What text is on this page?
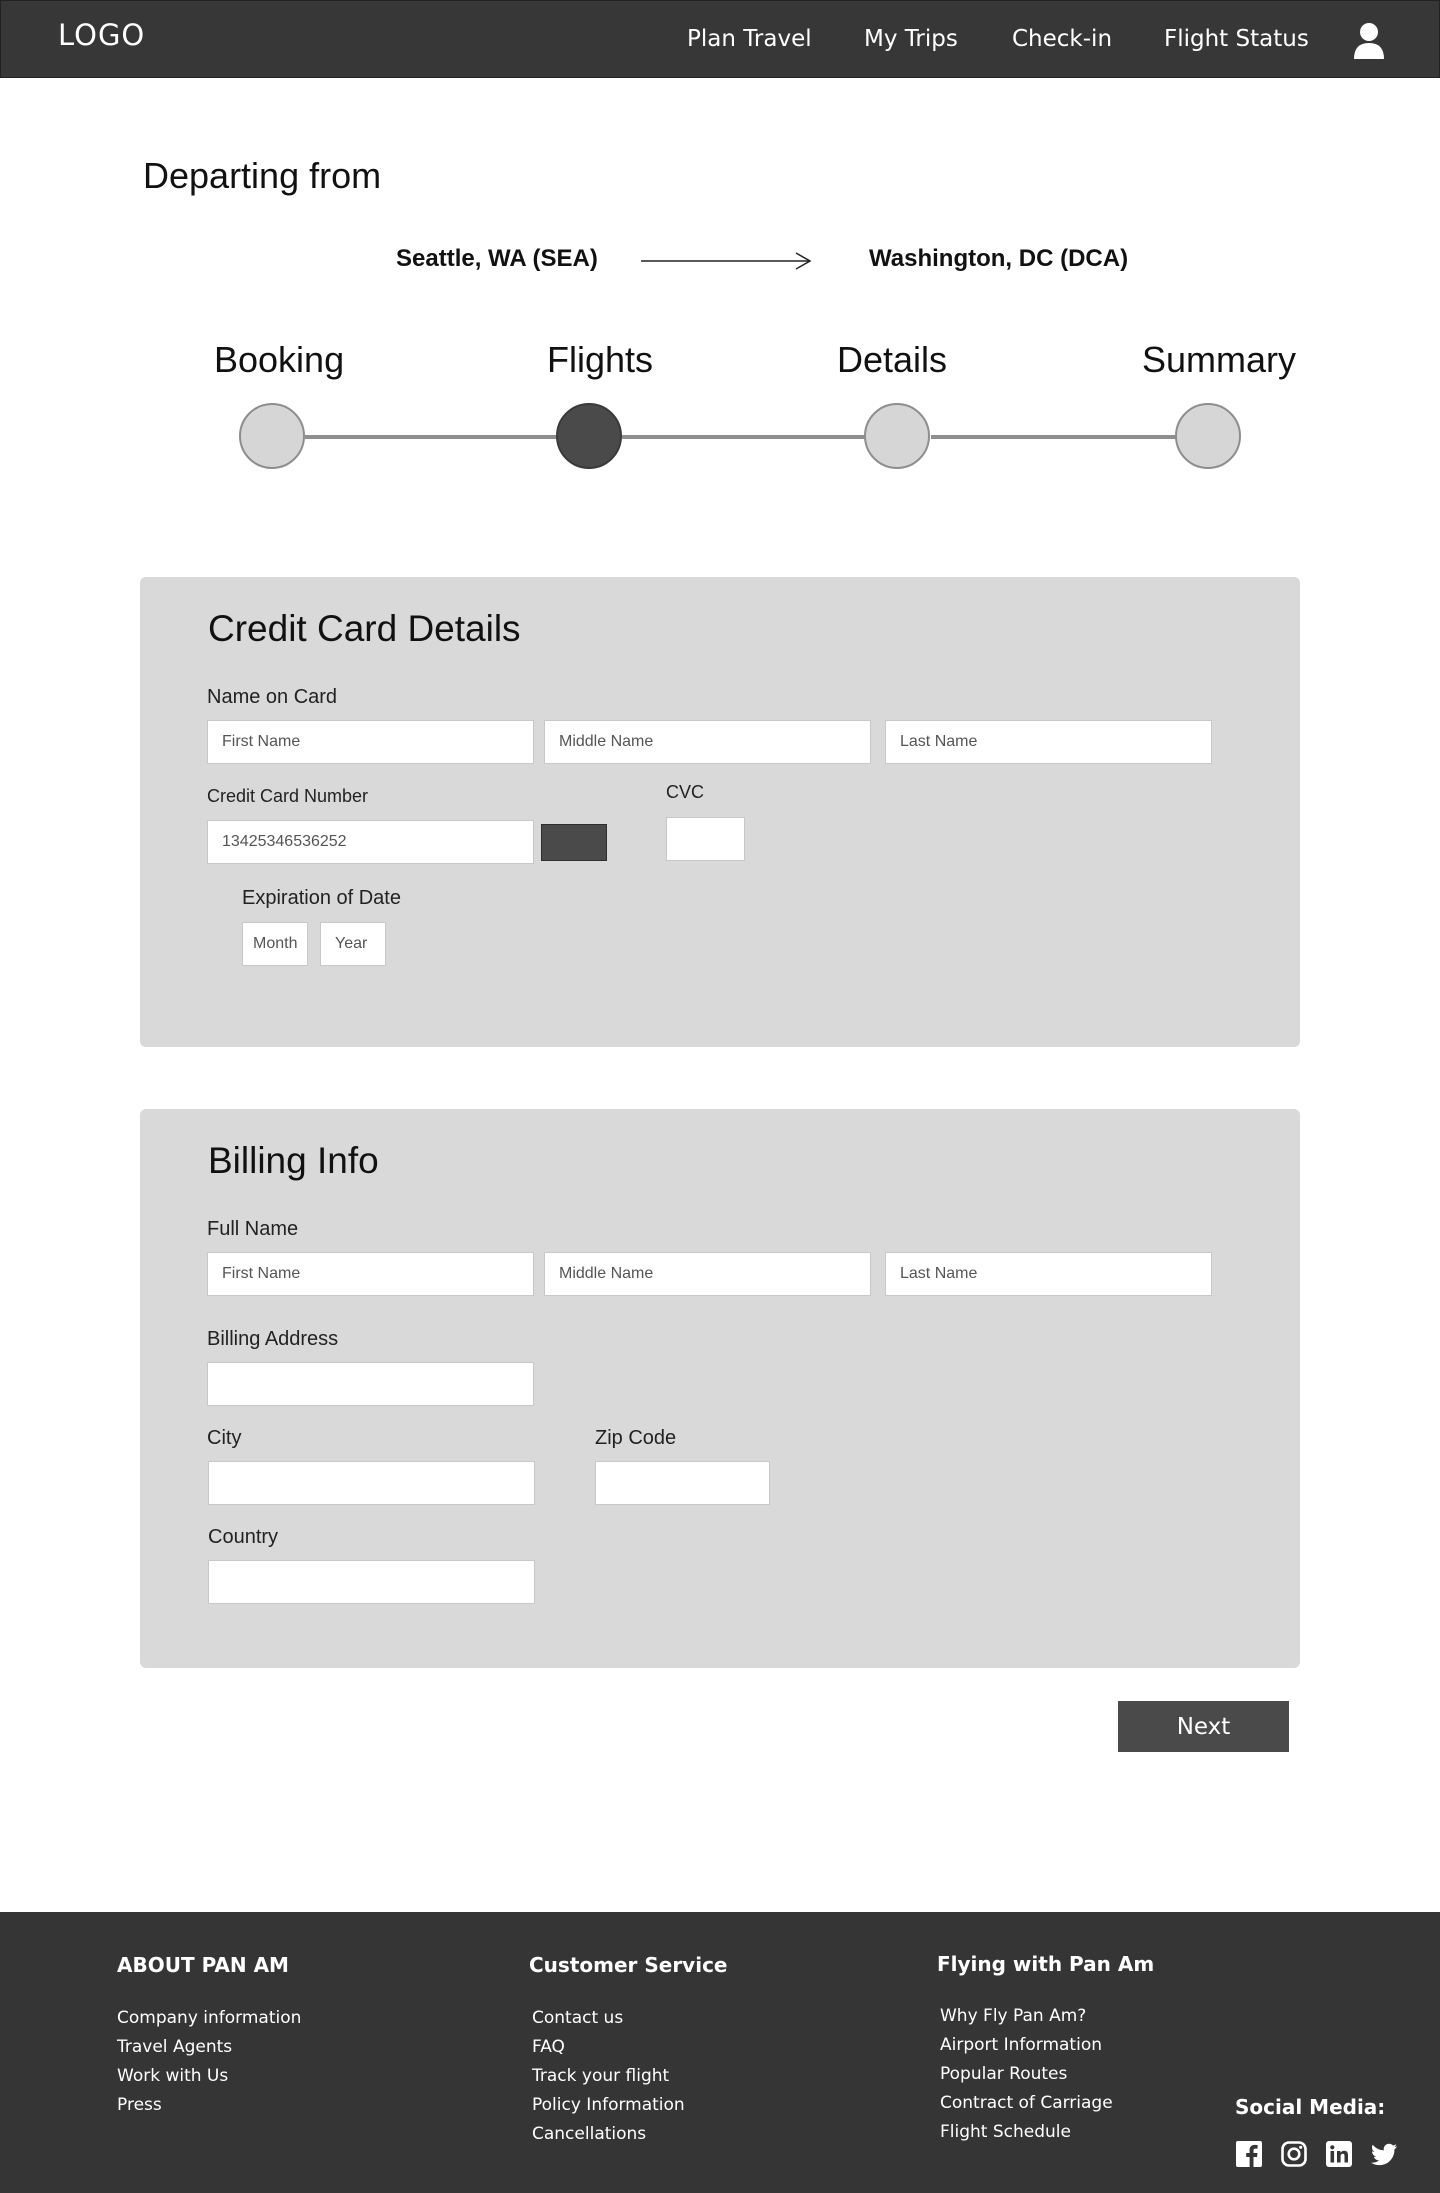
LOGO	Plan Travel My Trips Check-in Flight Status
Departing from
Seattle, WA (SEA)	Washington, DC (DCA)
Booking	Flights	Details	Summary
Credit Card Details
Name on Card
First Name	Middle Name	Last Name
Credit Card Number
13425346536252
CVC
Expiration of Date
Month	Year
Billing Info
Full Name
First Name	Middle Name	Last Name
Billing Address
City	Zip Code
Country
Next
ABOUT PAN AM
Company information
Travel Agents
Work with Us
Press
Customer Service
Contact us
FAQ
Track your flight
Policy Information
Cancellations
Flying with Pan Am
Why Fly Pan Am?
Airport Information
Popular Routes
Contract of Carriage
Flight Schedule
Social Media:
